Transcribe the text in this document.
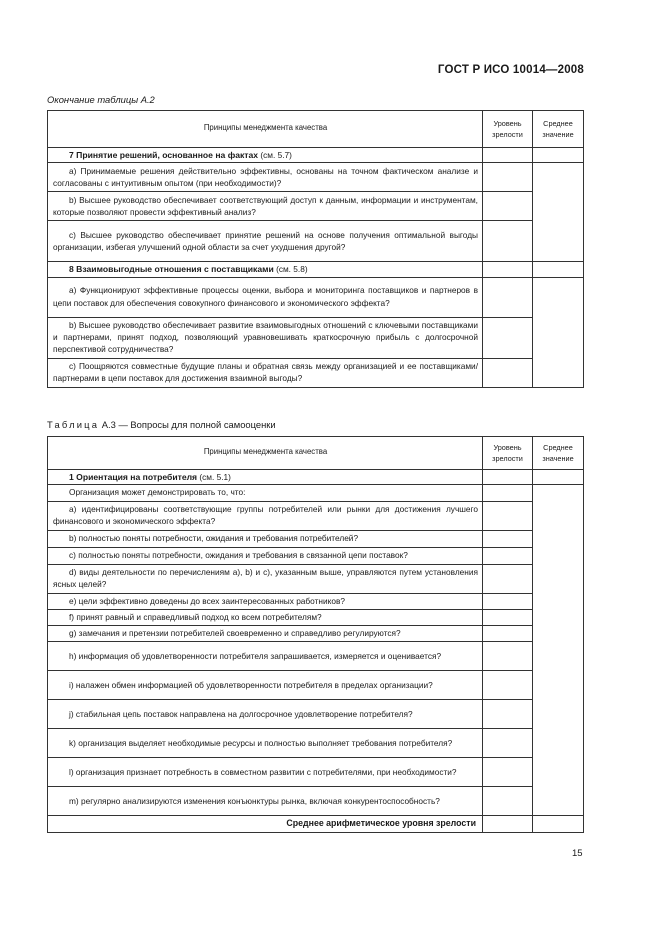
ГОСТ Р ИСО 10014—2008
Окончание таблицы А.2
Принципы менеджмента качества	Уровень зрелости	Среднее значение
7 Принятие решений, основанное на фактах (см. 5.7)		
а) Принимаемые решения действительно эффективны, основаны на точном фактическом анализе и согласованы с интуитивным опытом (при необходимости)?		
b) Высшее руководство обеспечивает соответствующий доступ к данным, информации и инструментам, которые позволяют провести эффективный анализ?		
с) Высшее руководство обеспечивает принятие решений на основе получения оптимальной выгоды организации, избегая улучшений одной области за счет ухудшения другой?		
8 Взаимовыгодные отношения с поставщиками (см. 5.8)		
а) Функционируют эффективные процессы оценки, выбора и мониторинга поставщиков и партнеров в цепи поставок для обеспечения совокупного финансового и экономического эффекта?		
b) Высшее руководство обеспечивает развитие взаимовыгодных отношений с ключевыми поставщиками и партнерами, принят подход, позволяющий уравновешивать краткосрочную прибыль с долгосрочной перспективой сотрудничества?		
с) Поощряются совместные будущие планы и обратная связь между организацией и ее поставщиками/партнерами в цепи поставок для достижения взаимной выгоды?		
Таблица А.3 — Вопросы для полной самооценки
Принципы менеджмента качества	Уровень зрелости	Среднее значение
1 Ориентация на потребителя (см. 5.1)		
Организация может демонстрировать то, что:		
а) идентифицированы соответствующие группы потребителей или рынки для достижения лучшего финансового и экономического эффекта?		
b) полностью поняты потребности, ожидания и требования потребителей?		
с) полностью поняты потребности, ожидания и требования в связанной цепи поставок?		
d) виды деятельности по перечислениям а), b) и с), указанным выше, управляются путем установления ясных целей?		
е) цели эффективно доведены до всех заинтересованных работников?		
f) принят равный и справедливый подход ко всем потребителям?		
g) замечания и претензии потребителей своевременно и справедливо регулируются?		
h) информация об удовлетворенности потребителя запрашивается, измеряется и оценивается?		
i) налажен обмен информацией об удовлетворенности потребителя в пределах организации?		
j) стабильная цепь поставок направлена на долгосрочное удовлетворение потребителя?		
k) организация выделяет необходимые ресурсы и полностью выполняет требования потребителя?		
l) организация признает потребность в совместном развитии с потребителями, при необходимости?		
m) регулярно анализируются изменения конъюнктуры рынка, включая конкурентоспособность?		
Среднее арифметическое уровня зрелости		
15
